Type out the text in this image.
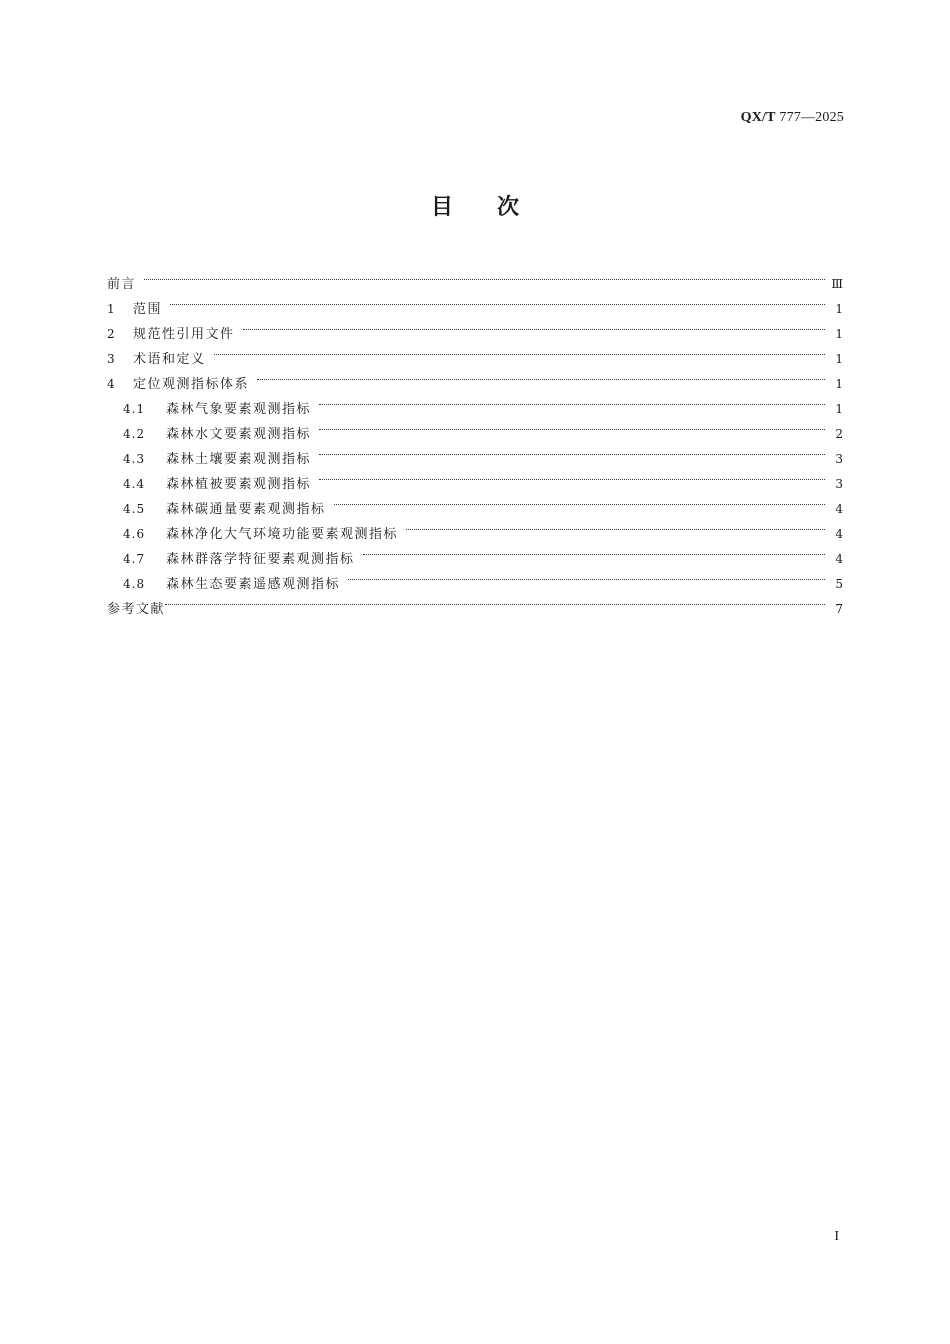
QX/T 777—2025
目次
前言	Ⅲ
1	范围	1
2	规范性引用文件	1
3	术语和定义	1
4	定位观测指标体系	1
4.1	森林气象要素观测指标	1
4.2	森林水文要素观测指标	2
4.3	森林土壤要素观测指标	3
4.4	森林植被要素观测指标	3
4.5	森林碳通量要素观测指标	4
4.6	森林净化大气环境功能要素观测指标	4
4.7	森林群落学特征要素观测指标	4
4.8	森林生态要素遥感观测指标	5
参考文献	7
I
